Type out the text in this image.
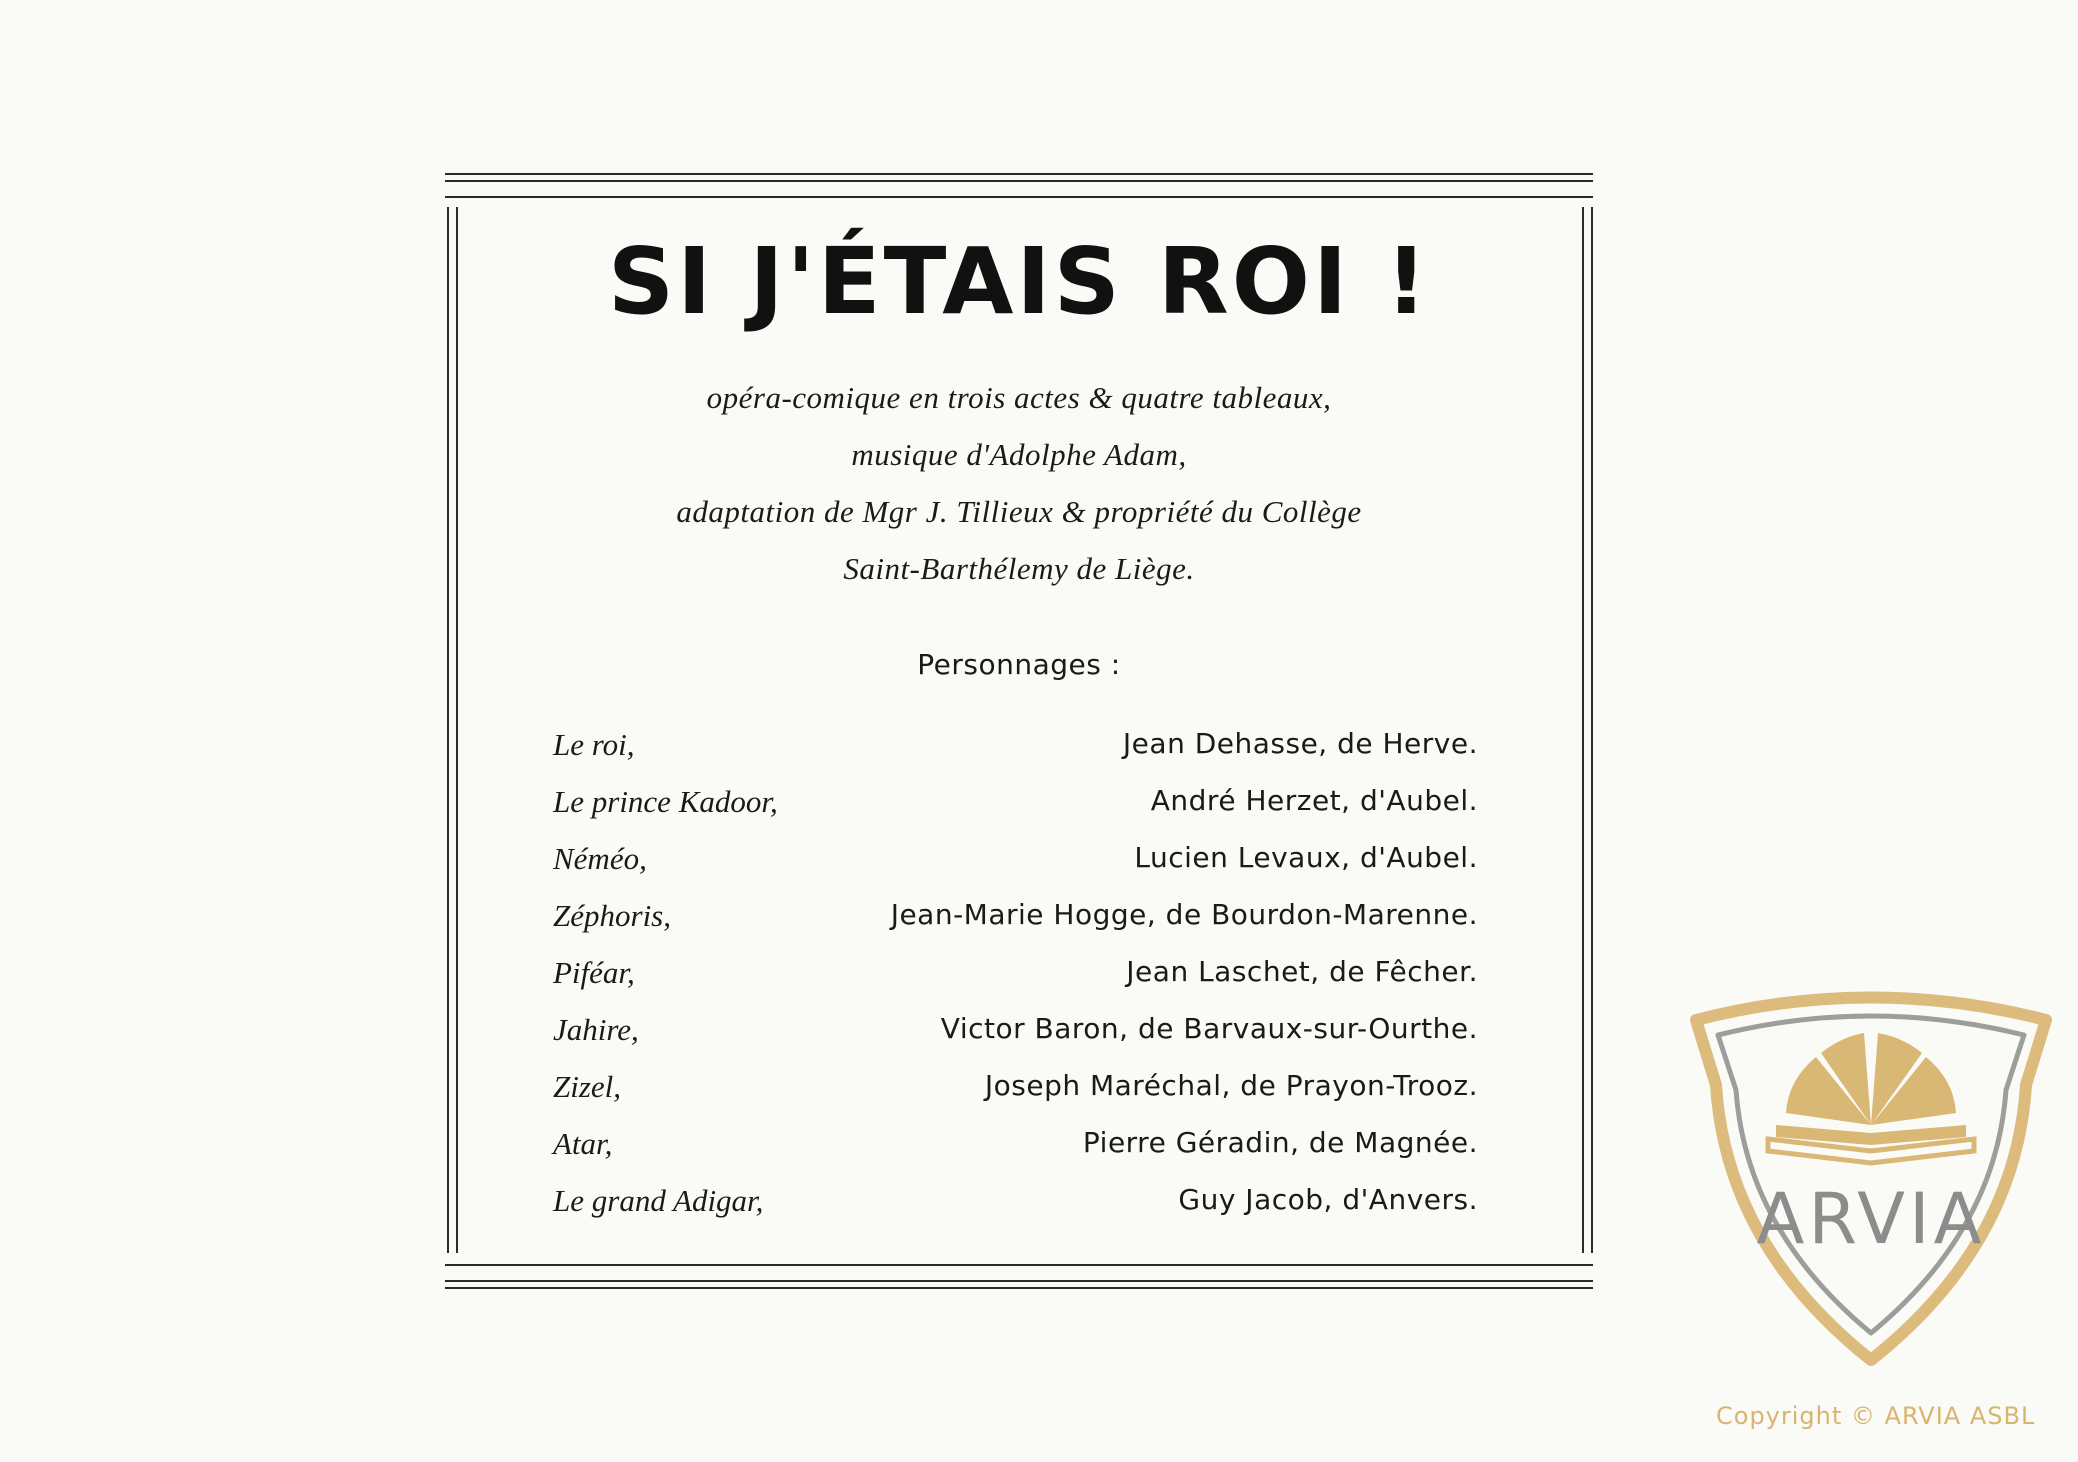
SI J'ÉTAIS ROI !
opéra-comique en trois actes & quatre tableaux,
musique d'Adolphe Adam,
adaptation de Mgr J. Tillieux & propriété du Collège
Saint-Barthélemy de Liège.
Personnages :
Le roi,	Jean Dehasse, de Herve.
Le prince Kadoor,	André Herzet, d'Aubel.
Néméo,	Lucien Levaux, d'Aubel.
Zéphoris,	Jean-Marie Hogge, de Bourdon-Marenne.
Piféar,	Jean Laschet, de Fêcher.
Jahire,	Victor Baron, de Barvaux-sur-Ourthe.
Zizel,	Joseph Maréchal, de Prayon-Trooz.
Atar,	Pierre Géradin, de Magnée.
Le grand Adigar,	Guy Jacob, d'Anvers.	ARVIA
Copyright © ARVIA ASBL
